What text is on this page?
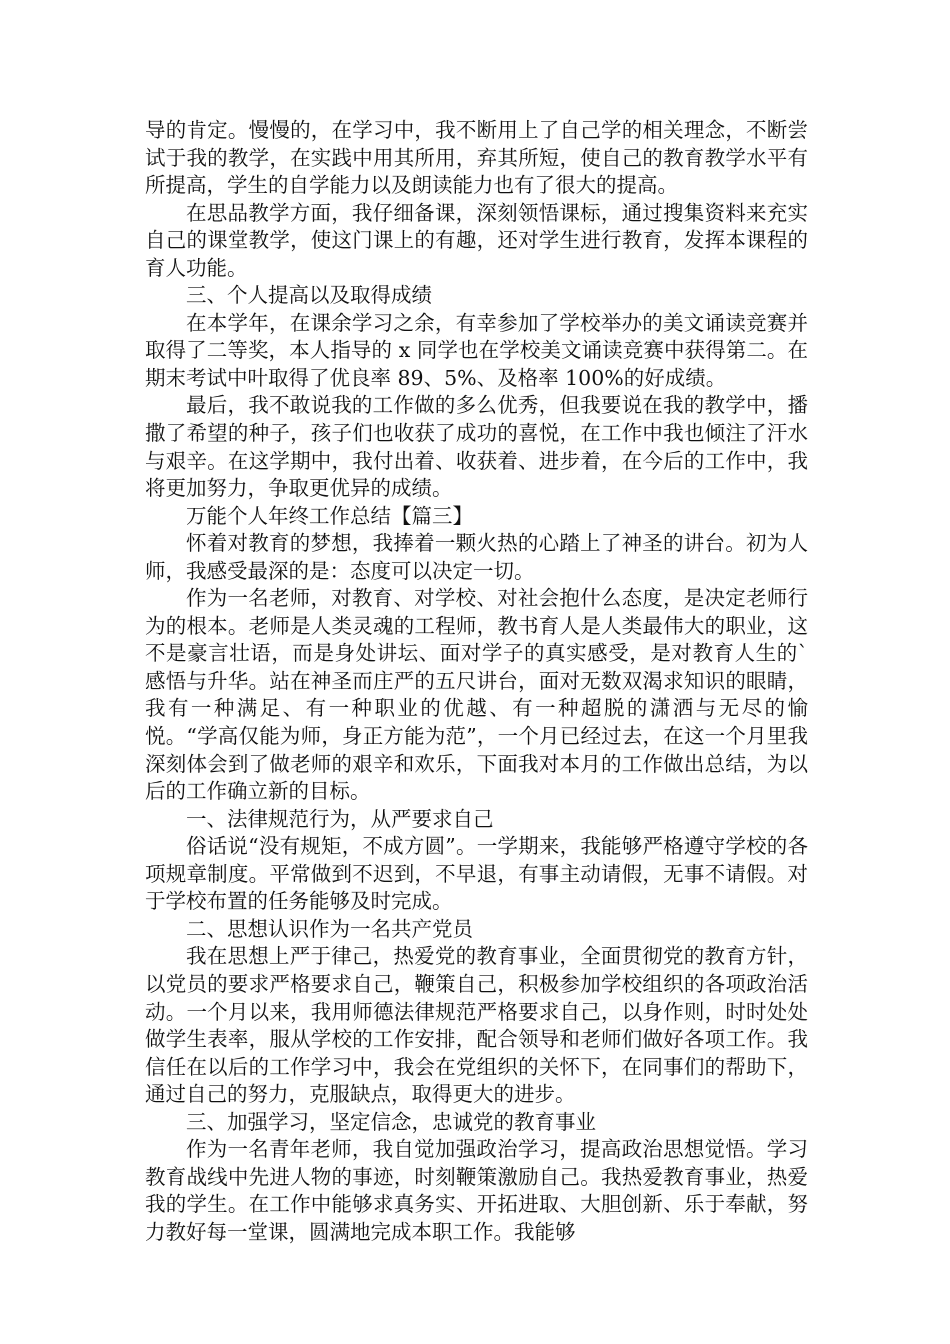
导的肯定。慢慢的，在学习中，我不断用上了自己学的相关理念，不断尝试于我的教学，在实践中用其所用，弃其所短，使自己的教育教学水平有所提高，学生的自学能力以及朗读能力也有了很大的提高。

在思品教学方面，我仔细备课，深刻领悟课标，通过搜集资料来充实自己的课堂教学，使这门课上的有趣，还对学生进行教育，发挥本课程的育人功能。

三、个人提高以及取得成绩

在本学年，在课余学习之余，有幸参加了学校举办的美文诵读竞赛并取得了二等奖，本人指导的 x 同学也在学校美文诵读竞赛中获得第二。在期末考试中叶取得了优良率 89、5%、及格率 100%的好成绩。

最后，我不敢说我的工作做的多么优秀，但我要说在我的教学中，播撒了希望的种子，孩子们也收获了成功的喜悦，在工作中我也倾注了汗水与艰辛。在这学期中，我付出着、收获着、进步着，在今后的工作中，我将更加努力，争取更优异的成绩。

万能个人年终工作总结【篇三】

怀着对教育的梦想，我捧着一颗火热的心踏上了神圣的讲台。初为人师，我感受最深的是：态度可以决定一切。

作为一名老师，对教育、对学校、对社会抱什么态度，是决定老师行为的根本。老师是人类灵魂的工程师，教书育人是人类最伟大的职业，这不是豪言壮语，而是身处讲坛、面对学子的真实感受，是对教育人生的`感悟与升华。站在神圣而庄严的五尺讲台，面对无数双渴求知识的眼睛，我有一种满足、有一种职业的优越、有一种超脱的潇洒与无尽的愉悦。“学高仅能为师，身正方能为范”，一个月已经过去，在这一个月里我深刻体会到了做老师的艰辛和欢乐，下面我对本月的工作做出总结，为以后的工作确立新的目标。

一、法律规范行为，从严要求自己

俗话说“没有规矩，不成方圆”。一学期来，我能够严格遵守学校的各项规章制度。平常做到不迟到，不早退，有事主动请假，无事不请假。对于学校布置的任务能够及时完成。

二、思想认识作为一名共产党员

我在思想上严于律己，热爱党的教育事业，全面贯彻党的教育方针，以党员的要求严格要求自己，鞭策自己，积极参加学校组织的各项政治活动。一个月以来，我用师德法律规范严格要求自己，以身作则，时时处处做学生表率，服从学校的工作安排，配合领导和老师们做好各项工作。我信任在以后的工作学习中，我会在党组织的关怀下，在同事们的帮助下，通过自己的努力，克服缺点，取得更大的进步。

三、加强学习，坚定信念，忠诚党的教育事业

作为一名青年老师，我自觉加强政治学习，提高政治思想觉悟。学习教育战线中先进人物的事迹，时刻鞭策激励自己。我热爱教育事业，热爱我的学生。在工作中能够求真务实、开拓进取、大胆创新、乐于奉献，努力教好每一堂课，圆满地完成本职工作。我能够
